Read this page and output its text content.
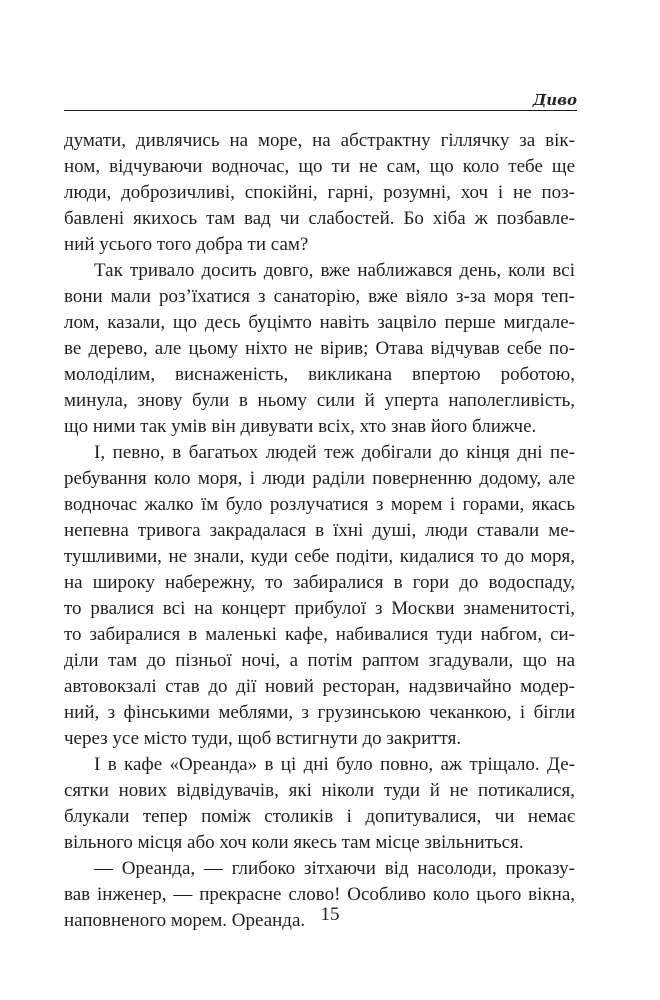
Диво

думати, дивлячись на море, на абстрактну гіллячку за вік-
ном, відчуваючи водночас, що ти не сам, що коло тебе ще
люди, доброзичливі, спокійні, гарні, розумні, хоч і не поз-
бавлені якихось там вад чи слабостей. Бо хіба ж позбавле-
ний усього того добра ти сам?

Так тривало досить довго, вже наближався день, коли всі
вони мали роз’їхатися з санаторію, вже віяло з-за моря теп-
лом, казали, що десь буцімто навіть зацвіло перше мигдале-
ве дерево, але цьому ніхто не вірив; Отава відчував себе по-
молоділим, виснаженість, викликана впертою роботою,
минула, знову були в ньому сили й уперта наполегливість,
що ними так умів він дивувати всіх, хто знав його ближче.

І, певно, в багатьох людей теж добігали до кінця дні пе-
ребування коло моря, і люди раділи поверненню додому, але
водночас жалко їм було розлучатися з морем і горами, якась
непевна тривога закрадалася в їхні душі, люди ставали ме-
тушливими, не знали, куди себе подіти, кидалися то до моря,
на широку набережну, то забиралися в гори до водоспаду,
то рвалися всі на концерт прибулої з Москви знаменитості,
то забиралися в маленькі кафе, набивалися туди набгом, си-
діли там до пізньої ночі, а потім раптом згадували, що на
автовокзалі став до дії новий ресторан, надзвичайно модер-
ний, з фінськими меблями, з грузинською чеканкою, і бігли
через усе місто туди, щоб встигнути до закриття.

І в кафе «Ореанда» в ці дні було повно, аж тріщало. Де-
сятки нових відвідувачів, які ніколи туди й не потикалися,
блукали тепер поміж столиків і допитувалися, чи немає
вільного місця або хоч коли якесь там місце звільниться.

— Ореанда, — глибоко зітхаючи від насолоди, проказу-
вав інженер, — прекрасне слово! Особливо коло цього вікна,
наповненого морем. Ореанда. 15
